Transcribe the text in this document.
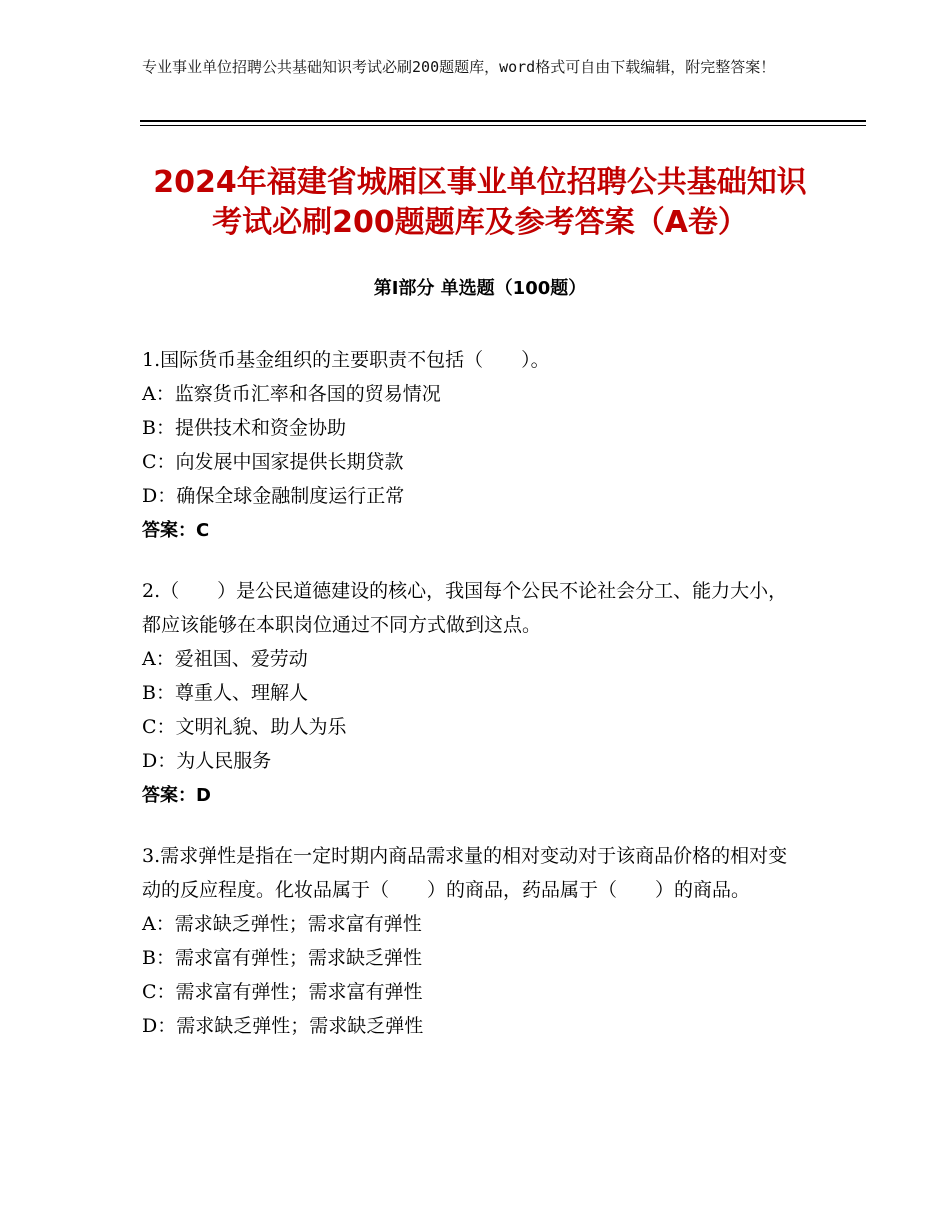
专业事业单位招聘公共基础知识考试必刷200题题库，word格式可自由下载编辑，附完整答案！
2024年福建省城厢区事业单位招聘公共基础知识考试必刷200题题库及参考答案（A卷）
第Ⅰ部分 单选题（100题）

1.国际货币基金组织的主要职责不包括（　　）。

A：监察货币汇率和各国的贸易情况

B：提供技术和资金协助

C：向发展中国家提供长期贷款

D：确保全球金融制度运行正常

答案：C

2.（　　）是公民道德建设的核心，我国每个公民不论社会分工、能力大小，都应该能够在本职岗位通过不同方式做到这点。

A：爱祖国、爱劳动

B：尊重人、理解人

C：文明礼貌、助人为乐

D：为人民服务

答案：D

3.需求弹性是指在一定时期内商品需求量的相对变动对于该商品价格的相对变动的反应程度。化妆品属于（　　）的商品，药品属于（　　）的商品。

A：需求缺乏弹性；需求富有弹性

B：需求富有弹性；需求缺乏弹性

C：需求富有弹性；需求富有弹性

D：需求缺乏弹性；需求缺乏弹性
